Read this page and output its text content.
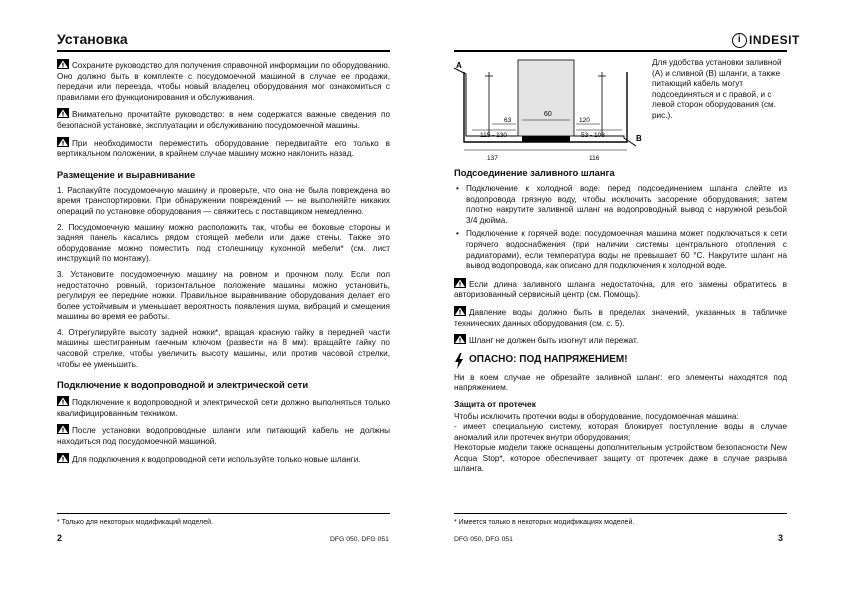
Установка

Сохраните руководство для получения справочной информации по оборудованию. Оно должно быть в комплекте с посудомоечной машиной в случае ее продажи, передачи или переезда, чтобы новый владелец оборудования мог ознакомиться с правилами его функционирования и обслуживания.

Внимательно прочитайте руководство: в нем содержатся важные сведения по безопасной установке, эксплуатации и обслуживанию посудомоечной машины.

При необходимости переместить оборудование передвигайте его только в вертикальном положении, в крайнем случае машину можно наклонить назад.

Размещение и выравнивание

1. Распакуйте посудомоечную машину и проверьте, что она не была повреждена во время транспортировки. При обнаружении повреждений — не выполняйте никаких операций по установке оборудования — свяжитесь с поставщиком немедленно.

2. Посудомоечную машину можно расположить так, чтобы ее боковые стороны и задняя панель касались рядом стоящей мебели или даже стены. Также это оборудование можно поместить под столешницу кухонной мебели* (см. лист инструкций по монтажу).

3. Установите посудомоечную машину на ровном и прочном полу. Если пол недостаточно ровный, горизонтальное положение машины можно установить, регулируя ее передние ножки. Правильное выравнивание оборудования делает его более устойчивым и уменьшает вероятность появления шума, вибраций и смещения машины во время ее работы.

4. Отрегулируйте высоту задней ножки*, вращая красную гайку в передней части машины шестигранным гаечным ключом (развести на 8 мм): вращайте гайку по часовой стрелке, чтобы увеличить высоту машины, или против часовой стрелки, чтобы ее уменьшить.

Подключение к водопроводной и электрической сети

Подключение к водопроводной и электрической сети должно выполняться только квалифицированным техником.

После установки водопроводные шланги или питающий кабель не должны находиться под посудомоечной машиной.

Для подключения к водопроводной сети используйте только новые шланги.

* Только для некоторых модификаций моделей.
2	DFG 050, DFG 051
i INDESIT
60
A
B
63	120
115 - 130	53 - 108
137	116

Для удобства установки заливной (А) и сливной (В) шланги, а также питающий кабель могут подсоединяться и с правой, и с левой сторон оборудования (см. рис.).

Подсоединение заливного шланга
• Подключение к холодной воде: перед подсоединением шланга слейте из водопровода грязную воду, чтобы исключить засорение оборудования; затем плотно накрутите заливной шланг на водопроводный вывод с наружной резьбой 3/4 дюйма.
• Подключение к горячей воде: посудомоечная машина может подключаться к сети горячего водоснабжения (при наличии системы центрального отопления с радиаторами), если температура воды не превышает 60 °С. Накрутите шланг на вывод водопровода, как описано для подключения к холодной воде.

Если длина заливного шланга недостаточна, для его замены обратитесь в авторизованный сервисный центр (см. Помощь).

Давление воды должно быть в пределах значений, указанных в табличке технических данных оборудования (см. с. 5).

Шланг не должен быть изогнут или пережат.

ОПАСНО: ПОД НАПРЯЖЕНИЕМ!

Ни в коем случае не обрезайте заливной шланг: его элементы находятся под напряжением.

Защита от протечек

Чтобы исключить протечки воды в оборудование, посудомоечная машина:

- имеет специальную систему, которая блокирует поступление воды в случае аномалий или протечек внутри оборудования;

Некоторые модели также оснащены дополнительным устройством безопасности New Acqua Stop*, которое обеспечивает защиту от протечек даже в случае разрыва шланга.

* Имеется только в некоторых модификациях моделей.
DFG 050, DFG 051	3
